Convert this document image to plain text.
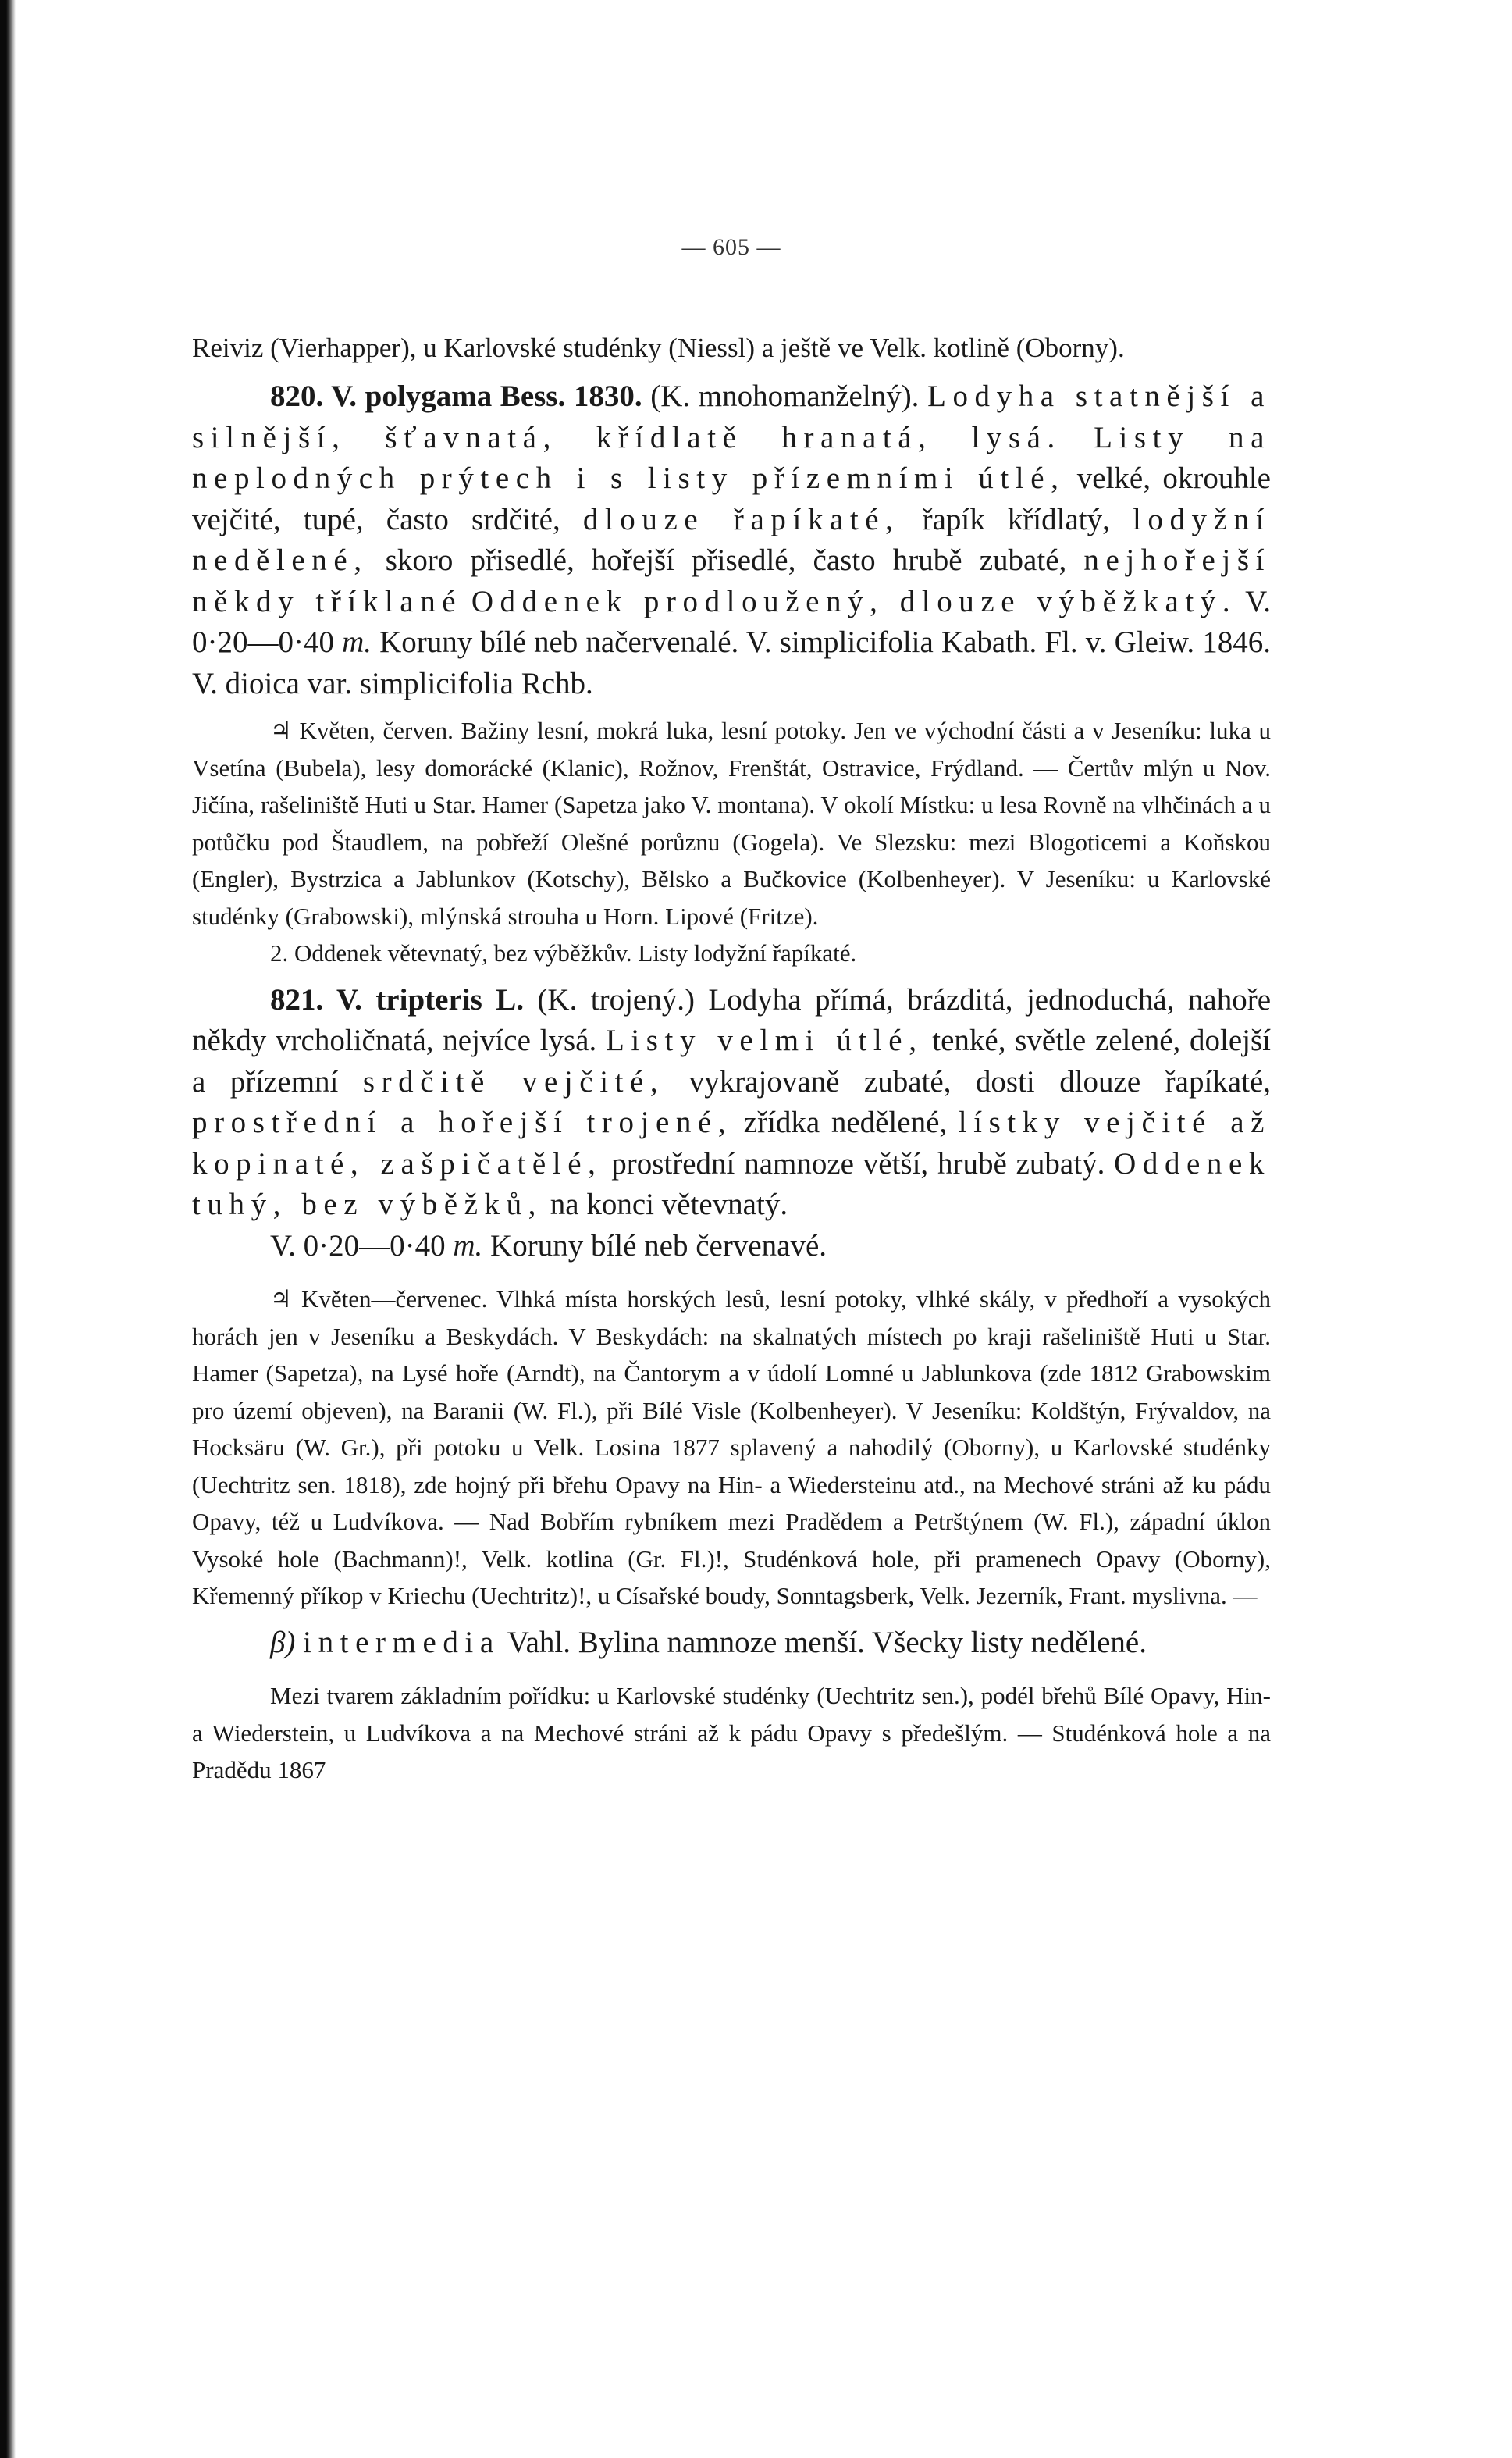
— 605 —

Reiviz (Vierhapper), u Karlovské studénky (Niessl) a ještě ve Velk. kotlině (Oborny).

820. V. polygama Bess. 1830. (K. mnohomanželný). Lodyha statnější a silnější, šťavnatá, křídlatě hranatá, lysá. Listy na neplodných prýtech i s listy přízemními útlé, velké, okrouhle vejčité, tupé, často srdčité, dlouze řapíkaté, řapík křídlatý, lodyžní nedělené, skoro přisedlé, hořejší přisedlé, často hrubě zubaté, nejhořejší někdy tříklané Oddenek prodloužený, dlouze výběžkatý. V. 0·20—0·40 m. Koruny bílé neb načervenalé. V. simplicifolia Kabath. Fl. v. Gleiw. 1846. V. dioica var. simplicifolia Rchb.

♃ Květen, červen. Bažiny lesní, mokrá luka, lesní potoky. Jen ve východní části a v Jeseníku: luka u Vsetína (Bubela), lesy domorácké (Klanic), Rožnov, Frenštát, Ostravice, Frýdland. — Čertův mlýn u Nov. Jičína, rašeliniště Huti u Star. Hamer (Sapetza jako V. montana). V okolí Místku: u lesa Rovně na vlhčinách a u potůčku pod Štaudlem, na pobřeží Olešné porůznu (Gogela). Ve Slezsku: mezi Blogoticemi a Koňskou (Engler), Bystrzica a Jablunkov (Kotschy), Bělsko a Bučkovice (Kolbenheyer). V Jeseníku: u Karlovské studénky (Grabowski), mlýnská strouha u Horn. Lipové (Fritze).

2. Oddenek větevnatý, bez výběžkův. Listy lodyžní řapíkaté.

821. V. tripteris L. (K. trojený.) Lodyha přímá, brázditá, jednoduchá, nahoře někdy vrcholičnatá, nejvíce lysá. Listy velmi útlé, tenké, světle zelené, dolejší a přízemní srdčitě vejčité, vykrajovaně zubaté, dosti dlouze řapíkaté, prostřední a hořejší trojené, zřídka nedělené, lístky vejčité až kopinaté, zašpičatělé, prostřední namnoze větší, hrubě zubatý. Oddenek tuhý, bez výběžků, na konci větevnatý.

V. 0·20—0·40 m. Koruny bílé neb červenavé.

♃ Květen—červenec. Vlhká místa horských lesů, lesní potoky, vlhké skály, v předhoří a vysokých horách jen v Jeseníku a Beskydách. V Beskydách: na skalnatých místech po kraji rašeliniště Huti u Star. Hamer (Sapetza), na Lysé hoře (Arndt), na Čantorym a v údolí Lomné u Jablunkova (zde 1812 Grabowskim pro území objeven), na Baranii (W. Fl.), při Bílé Visle (Kolbenheyer). V Jeseníku: Koldštýn, Frývaldov, na Hocksäru (W. Gr.), při potoku u Velk. Losina 1877 splavený a nahodilý (Oborny), u Karlovské studénky (Uechtritz sen. 1818), zde hojný při břehu Opavy na Hin- a Wiedersteinu atd., na Mechové stráni až ku pádu Opavy, též u Ludvíkova. — Nad Bobřím rybníkem mezi Pradědem a Petrštýnem (W. Fl.), západní úklon Vysoké hole (Bachmann)!, Velk. kotlina (Gr. Fl.)!, Studénková hole, při pramenech Opavy (Oborny), Křemenný příkop v Kriechu (Uechtritz)!, u Císařské boudy, Sonntagsberk, Velk. Jezerník, Frant. myslivna. —

β) intermedia Vahl. Bylina namnoze menší. Všecky listy nedělené.

Mezi tvarem základním pořídku: u Karlovské studénky (Uechtritz sen.), podél břehů Bílé Opavy, Hin- a Wiederstein, u Ludvíkova a na Mechové stráni až k pádu Opavy s předešlým. — Studénková hole a na Pradědu 1867
